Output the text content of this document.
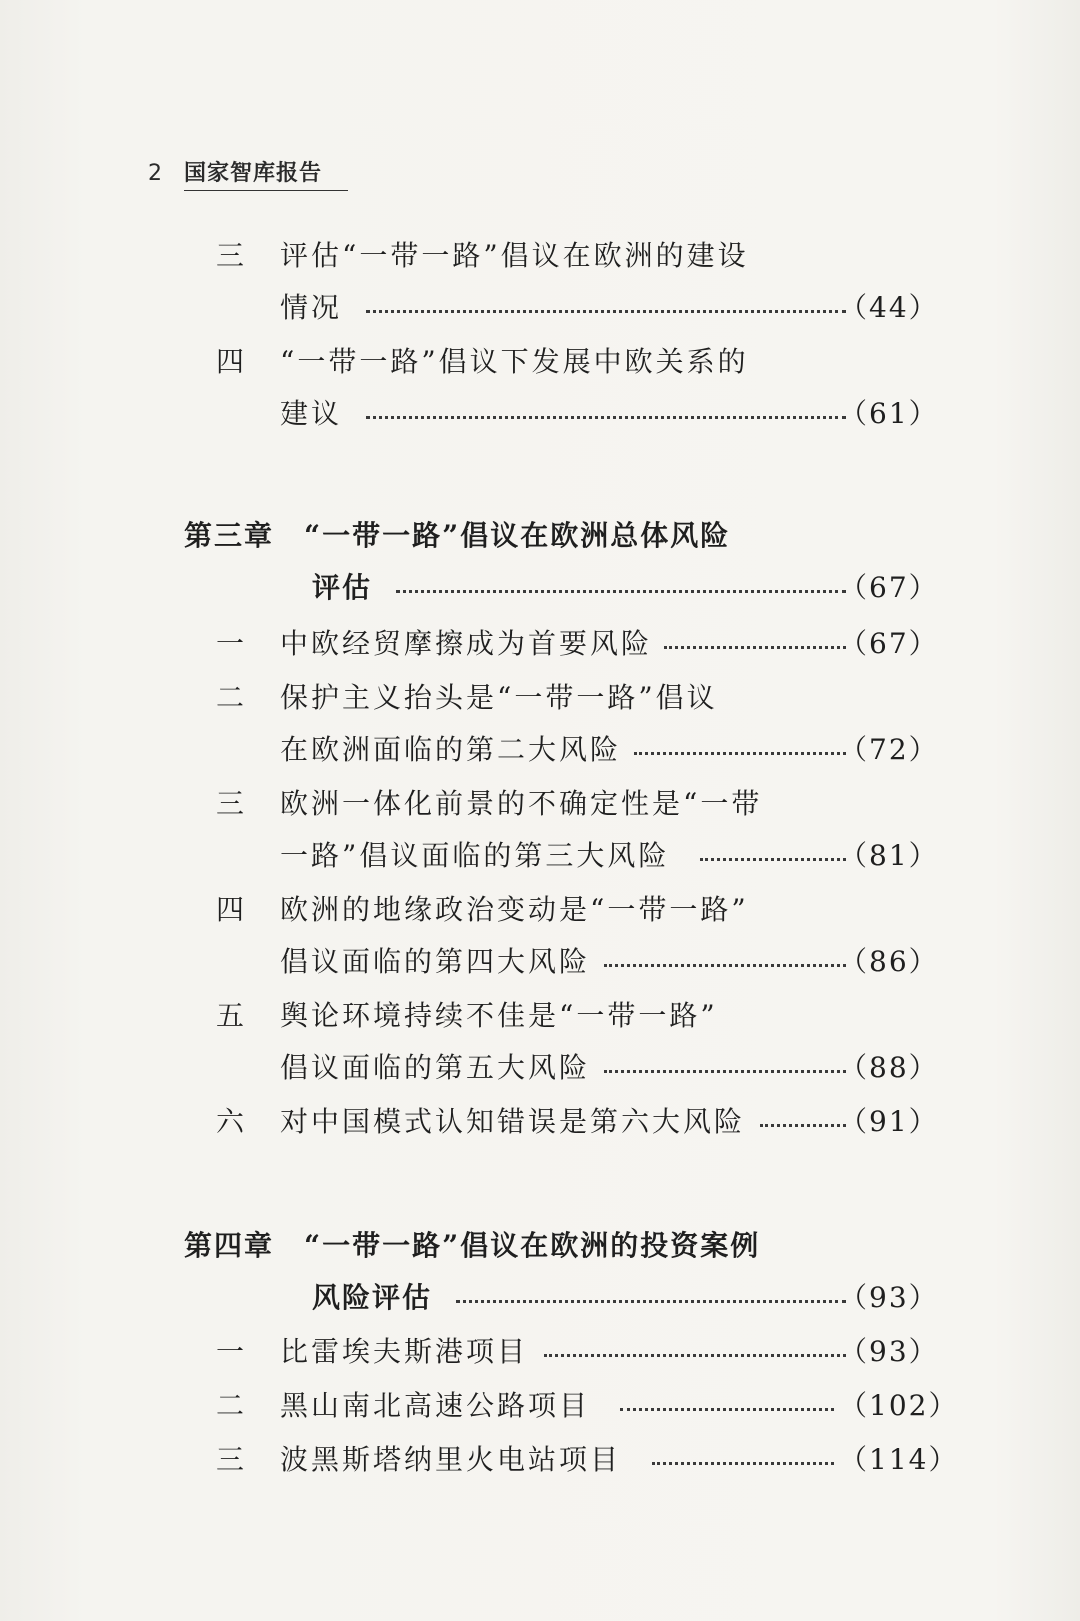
2	国家智库报告
三 评估“一带一路”倡议在欧洲的建设
情况	（44）
四 “一带一路”倡议下发展中欧关系的
建议	（61）
第三章 “一带一路”倡议在欧洲总体风险
评估	（67）
一 中欧经贸摩擦成为首要风险	（67）
二 保护主义抬头是“一带一路”倡议
在欧洲面临的第二大风险	（72）
三 欧洲一体化前景的不确定性是“一带
一路”倡议面临的第三大风险	（81）
四 欧洲的地缘政治变动是“一带一路”
倡议面临的第四大风险	（86）
五 舆论环境持续不佳是“一带一路”
倡议面临的第五大风险	（88）
六 对中国模式认知错误是第六大风险	（91）
第四章 “一带一路”倡议在欧洲的投资案例
风险评估	（93）
一 比雷埃夫斯港项目	（93）
二 黑山南北高速公路项目	（102）
三 波黑斯塔纳里火电站项目	（114）
